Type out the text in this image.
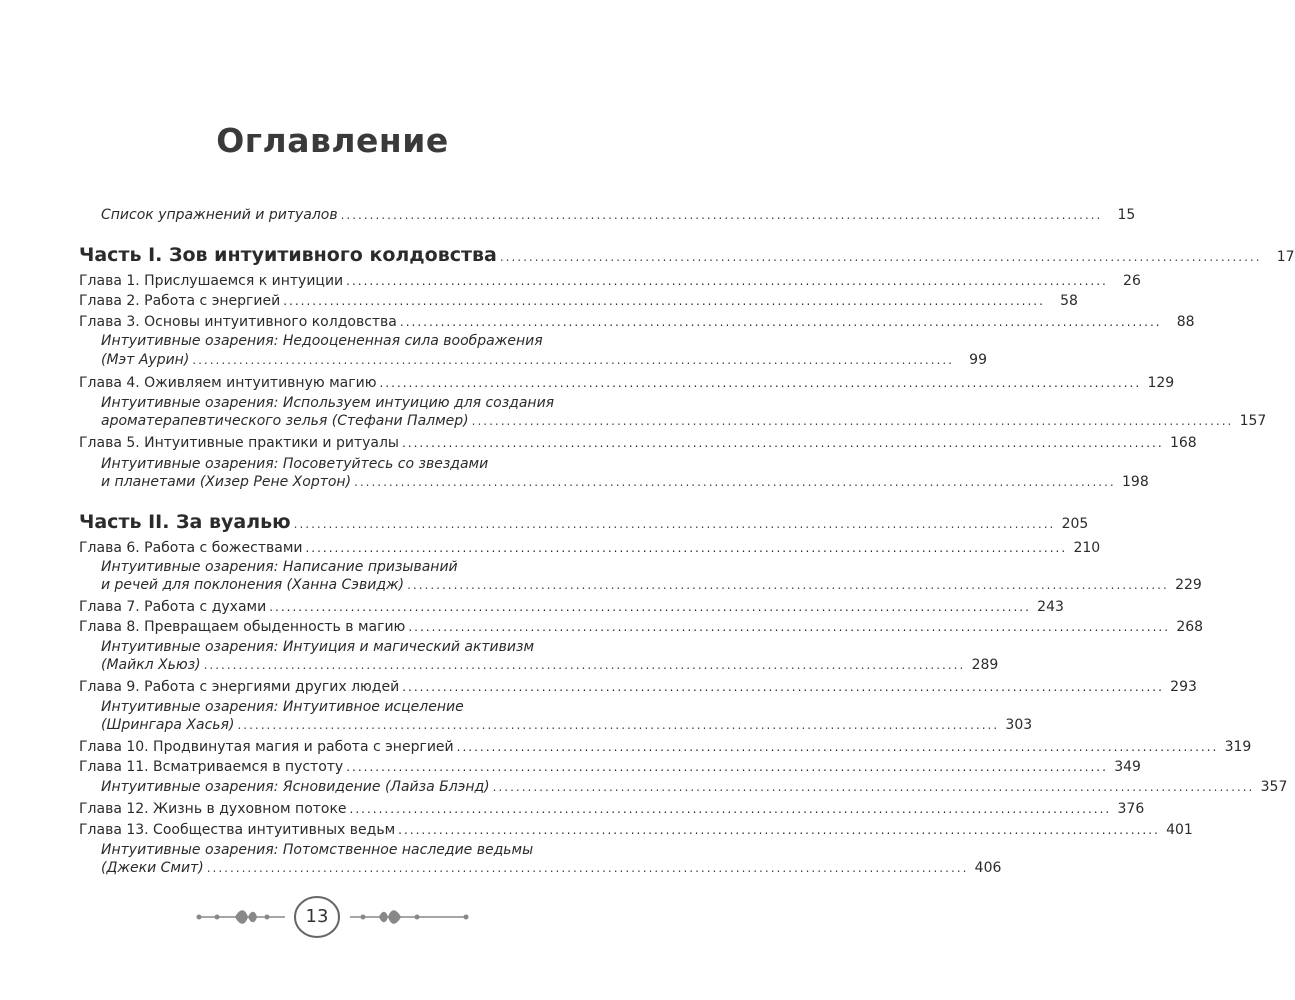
Оглавление
Список упражнений и ритуалов ...................................................................................................................................	15
Часть I. Зов интуитивного колдовства ...................................................................................................................................	17
Глава 1. Прислушаемся к интуиции ...................................................................................................................................	26
Глава 2. Работа с энергией ...................................................................................................................................	58
Глава 3. Основы интуитивного колдовства ...................................................................................................................................	88
Интуитивные озарения: Недооцененная сила воображения
(Мэт Аурин) ...................................................................................................................................	99
Глава 4. Оживляем интуитивную магию ................................................................................................................................... 129
Интуитивные озарения: Используем интуицию для создания
ароматерапевтического зелья (Стефани Палмер) ................................................................................................................................... 157
Глава 5. Интуитивные практики и ритуалы ................................................................................................................................... 168
Интуитивные озарения: Посоветуйтесь со звездами
и планетами (Хизер Рене Хортон) ................................................................................................................................... 198
Часть II. За вуалью ................................................................................................................................... 205
Глава 6. Работа с божествами ................................................................................................................................... 210
Интуитивные озарения: Написание призываний
и речей для поклонения (Ханна Сэвидж) ................................................................................................................................... 229
Глава 7. Работа с духами ................................................................................................................................... 243
Глава 8. Превращаем обыденность в магию ................................................................................................................................... 268
Интуитивные озарения: Интуиция и магический активизм
(Майкл Хьюз) ................................................................................................................................... 289
Глава 9. Работа с энергиями других людей ................................................................................................................................... 293
Интуитивные озарения: Интуитивное исцеление
(Шрингара Хасья) ................................................................................................................................... 303
Глава 10. Продвинутая магия и работа с энергией ................................................................................................................................... 319
Глава 11. Всматриваемся в пустоту ................................................................................................................................... 349
Интуитивные озарения: Ясновидение (Лайза Блэнд) ................................................................................................................................... 357
Глава 12. Жизнь в духовном потоке ................................................................................................................................... 376
Глава 13. Сообщества интуитивных ведьм ................................................................................................................................... 401
Интуитивные озарения: Потомственное наследие ведьмы
(Джеки Смит) ................................................................................................................................... 406
13
